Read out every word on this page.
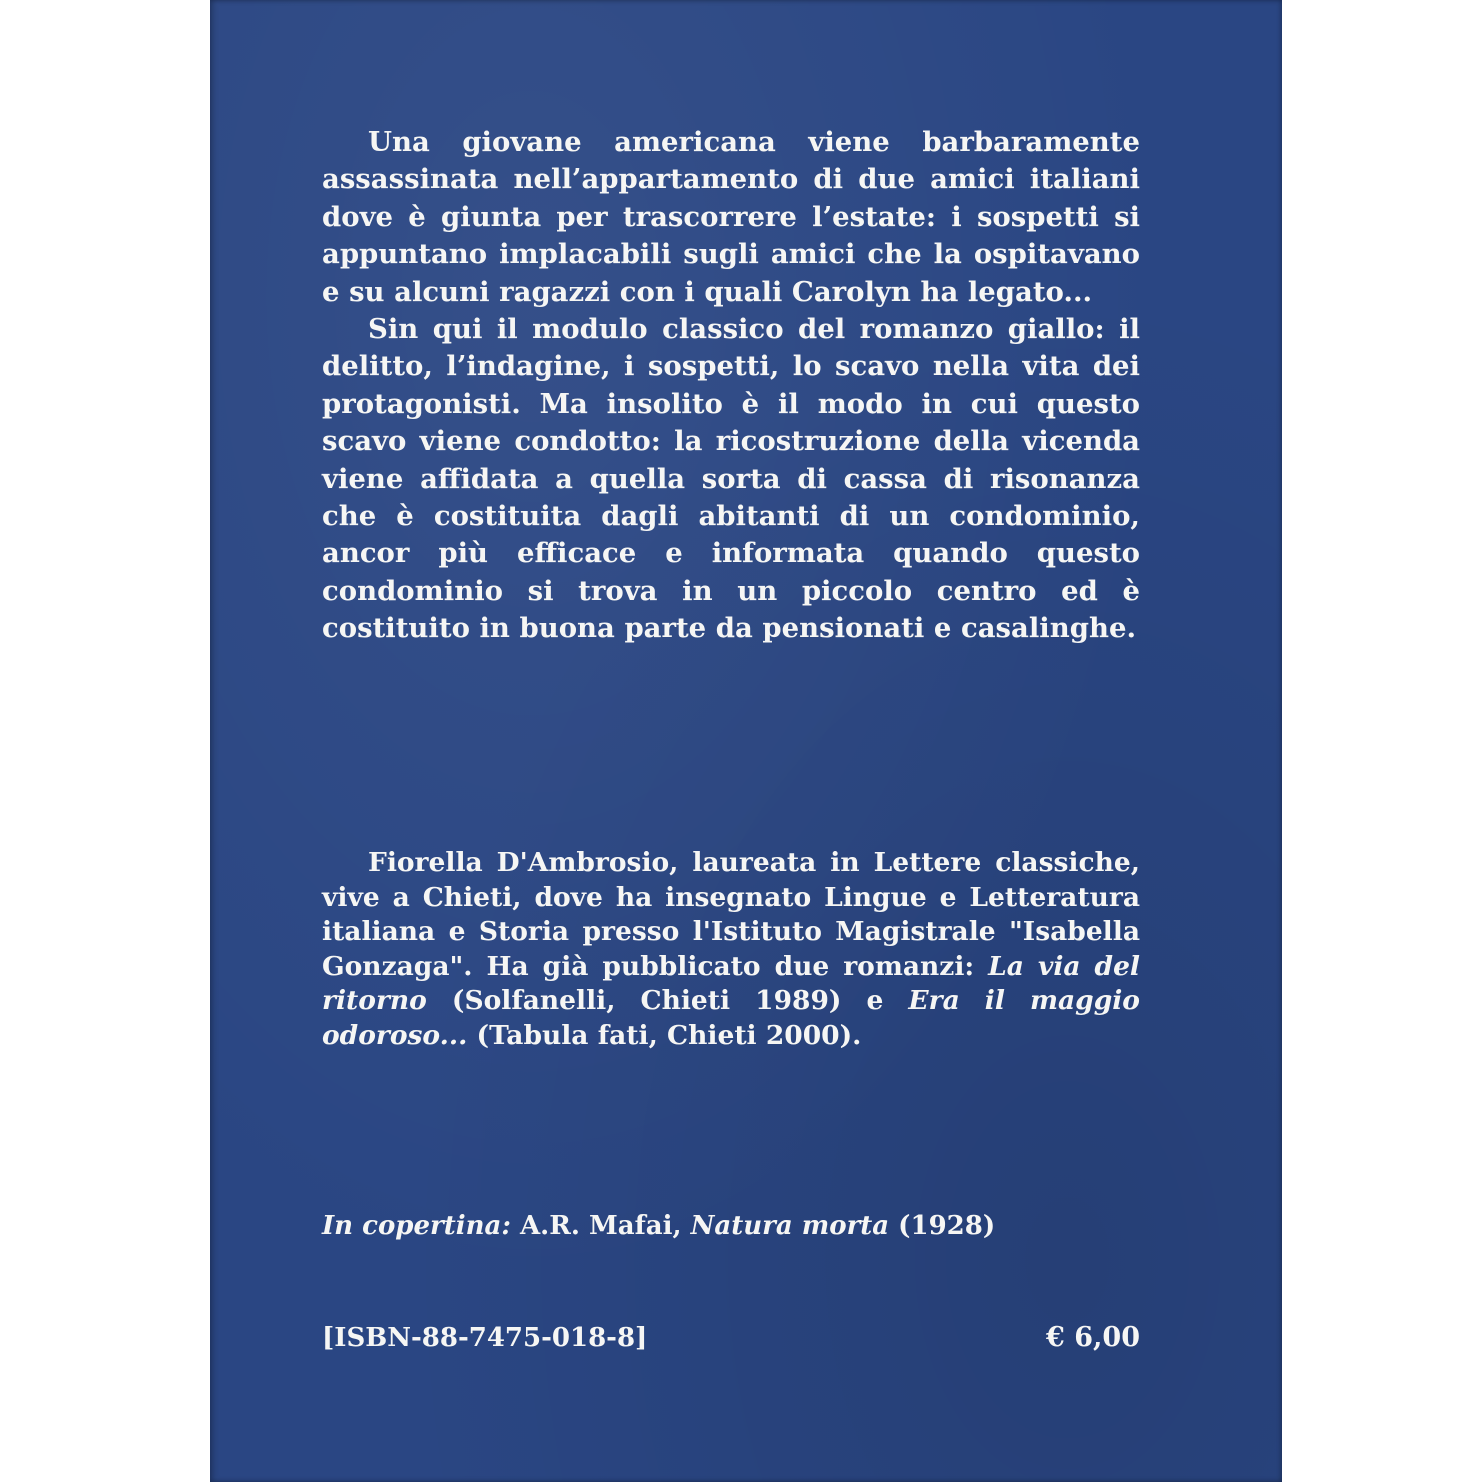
Una giovane americana viene barbaramente assassinata nell’appartamento di due amici italiani dove è giunta per trascorrere l’estate: i sospetti si appuntano implacabili sugli amici che la ospitavano e su alcuni ragazzi con i quali Carolyn ha legato...

Sin qui il modulo classico del romanzo giallo: il delitto, l’indagine, i sospetti, lo scavo nella vita dei protagonisti. Ma insolito è il modo in cui questo scavo viene condotto: la ricostruzione della vicenda viene affidata a quella sorta di cassa di risonanza che è costituita dagli abitanti di un condominio, ancor più efficace e informata quando questo condominio si trova in un piccolo centro ed è costituito in buona parte da pensionati e casalinghe.

Fiorella D'Ambrosio, laureata in Lettere classiche, vive a Chieti, dove ha insegnato Lingue e Letteratura italiana e Storia presso l'Istituto Magistrale "Isabella Gonzaga". Ha già pubblicato due romanzi: La via del ritorno (Solfanelli, Chieti 1989) e Era il maggio odoroso... (Tabula fati, Chieti 2000).

In copertina: A.R. Mafai, Natura morta (1928)
[ISBN-88-7475-018-8]	€ 6,00
